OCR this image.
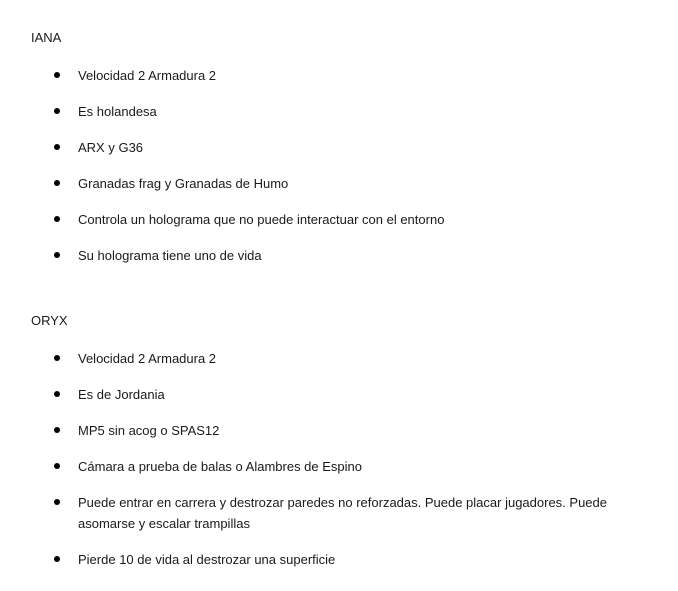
IANA

Velocidad 2 Armadura 2
Es holandesa
ARX y G36
Granadas frag y Granadas de Humo
Controla un holograma que no puede interactuar con el entorno
Su holograma tiene uno de vida

ORYX

Velocidad 2 Armadura 2
Es de Jordania
MP5 sin acog o SPAS12
Cámara a prueba de balas o Alambres de Espino
Puede entrar en carrera y destrozar paredes no reforzadas. Puede placar jugadores. Puede asomarse y escalar trampillas
Pierde 10 de vida al destrozar una superficie
